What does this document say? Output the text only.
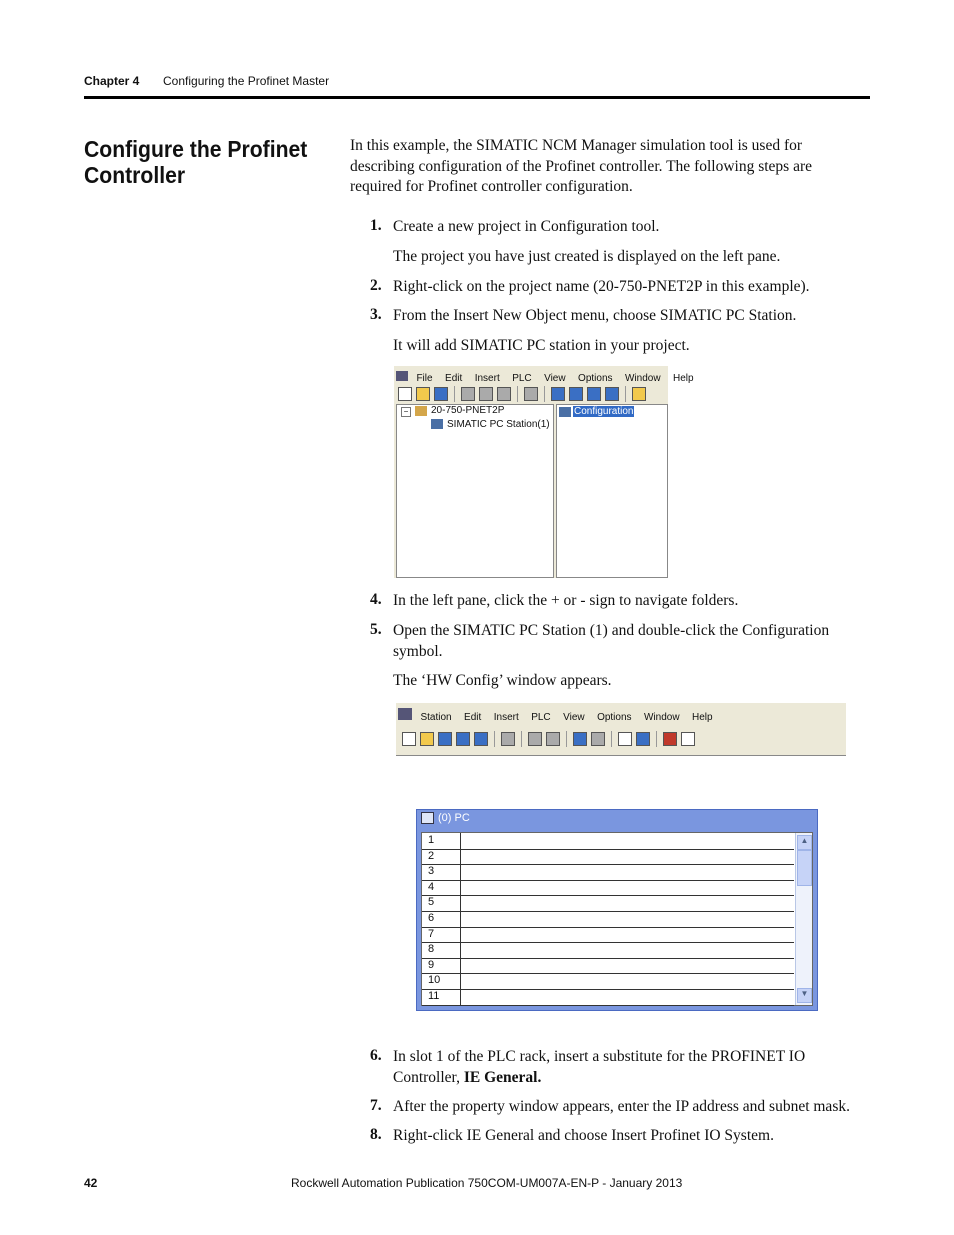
Chapter 4 Configuring the Profinet Master
Configure the Profinet Controller
In this example, the SIMATIC NCM Manager simulation tool is used for describing configuration of the Profinet controller. The following steps are required for Profinet controller configuration.
1. Create a new project in Configuration tool.
The project you have just created is displayed on the left pane.
2. Right-click on the project name (20-750-PNET2P in this example).
3. From the Insert New Object menu, choose SIMATIC PC Station.
It will add SIMATIC PC station in your project.
File Edit Insert PLC View Options Window Help
− 20-750-PNET2P
SIMATIC PC Station(1)
Configuration
4. In the left pane, click the + or - sign to navigate folders.
5. Open the SIMATIC PC Station (1) and double-click the Configuration symbol.
The ‘HW Config’ window appears.
Station Edit Insert PLC View Options Window Help
(0) PC
1
2
3
4
5
6
7
8
9
10
11
▲
▼
6. In slot 1 of the PLC rack, insert a substitute for the PROFINET IO Controller, IE General.
7. After the property window appears, enter the IP address and subnet mask.
8. Right-click IE General and choose Insert Profinet IO System.
42	Rockwell Automation Publication 750COM-UM007A-EN-P - January 2013
